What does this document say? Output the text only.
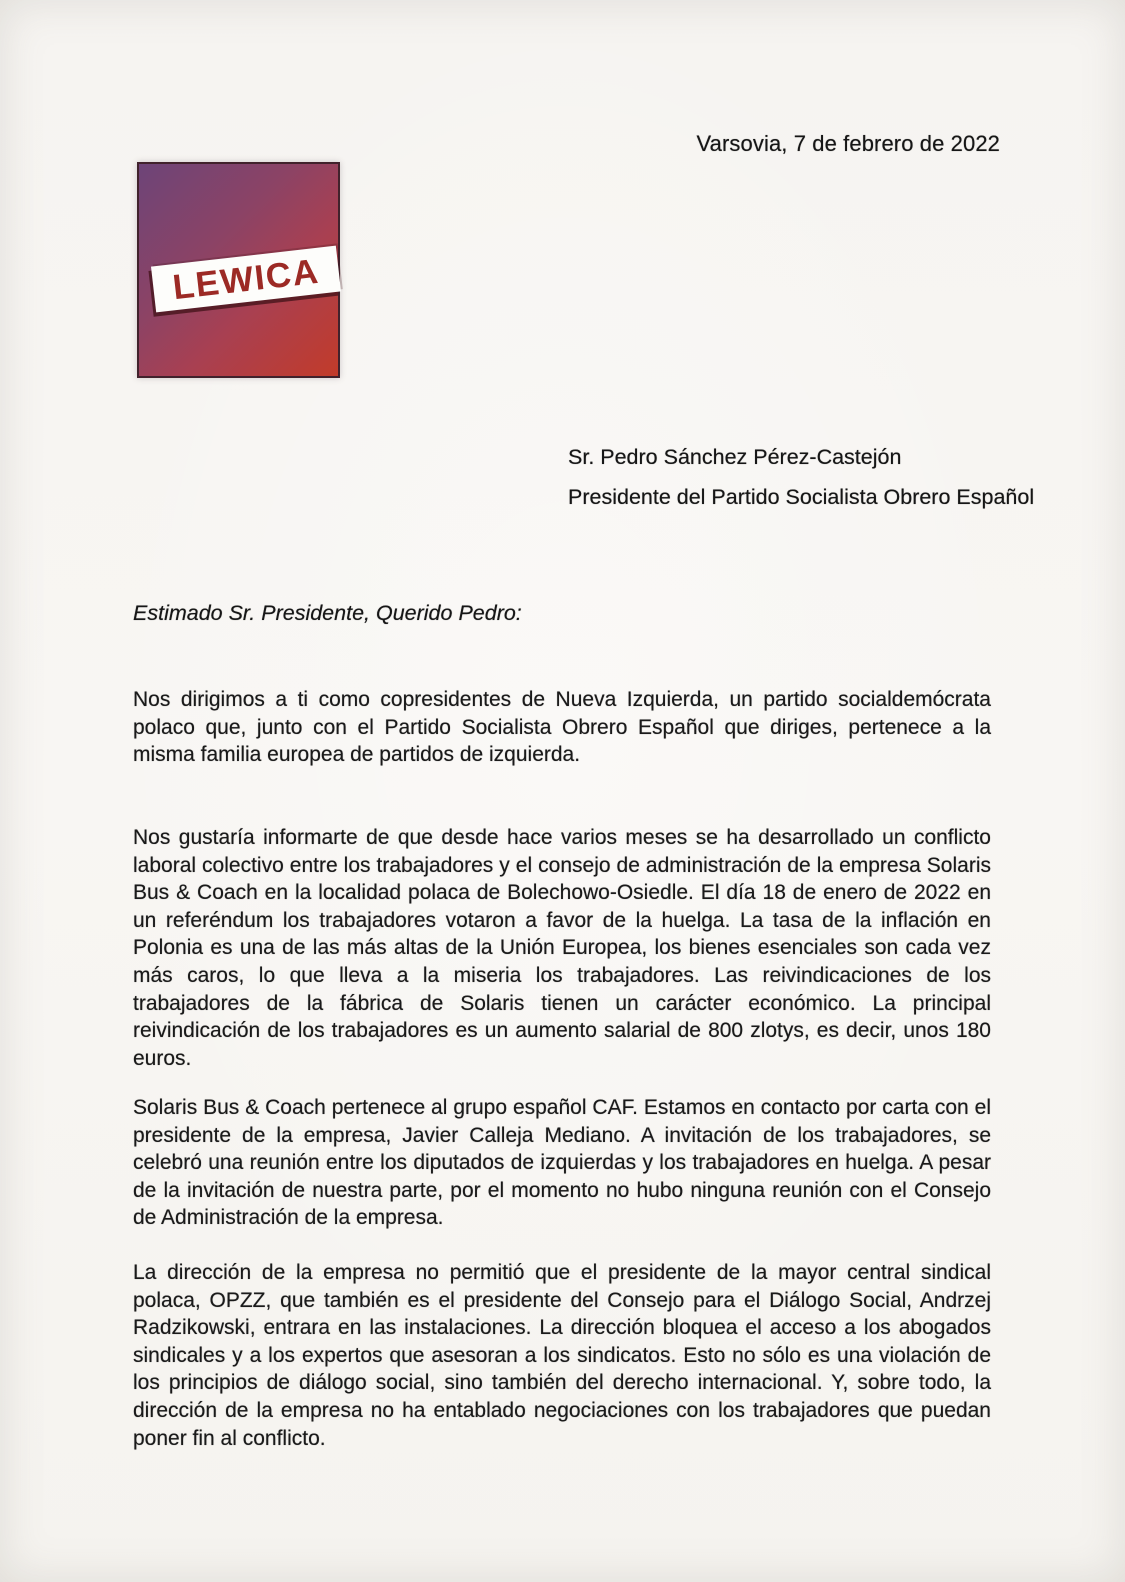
Varsovia, 7 de febrero de 2022
LEWICA
Sr. Pedro Sánchez Pérez-Castejón
Presidente del Partido Socialista Obrero Español
Estimado Sr. Presidente, Querido Pedro:

Nos dirigimos a ti como copresidentes de Nueva Izquierda, un partido socialdemócrata polaco que, junto con el Partido Socialista Obrero Español que diriges, pertenece a la misma familia europea de partidos de izquierda.

Nos gustaría informarte de que desde hace varios meses se ha desarrollado un conflicto laboral colectivo entre los trabajadores y el consejo de administración de la empresa Solaris Bus & Coach en la localidad polaca de Bolechowo-Osiedle. El día 18 de enero de 2022 en un referéndum los trabajadores votaron a favor de la huelga. La tasa de la inflación en Polonia es una de las más altas de la Unión Europea, los bienes esenciales son cada vez más caros, lo que lleva a la miseria los trabajadores. Las reivindicaciones de los trabajadores de la fábrica de Solaris tienen un carácter económico. La principal reivindicación de los trabajadores es un aumento salarial de 800 zlotys, es decir, unos 180 euros.

Solaris Bus & Coach pertenece al grupo español CAF. Estamos en contacto por carta con el presidente de la empresa, Javier Calleja Mediano. A invitación de los trabajadores, se celebró una reunión entre los diputados de izquierdas y los trabajadores en huelga. A pesar de la invitación de nuestra parte, por el momento no hubo ninguna reunión con el Consejo de Administración de la empresa.

La dirección de la empresa no permitió que el presidente de la mayor central sindical polaca, OPZZ, que también es el presidente del Consejo para el Diálogo Social, Andrzej Radzikowski, entrara en las instalaciones. La dirección bloquea el acceso a los abogados sindicales y a los expertos que asesoran a los sindicatos. Esto no sólo es una violación de los principios de diálogo social, sino también del derecho internacional. Y, sobre todo, la dirección de la empresa no ha entablado negociaciones con los trabajadores que puedan poner fin al conflicto.
